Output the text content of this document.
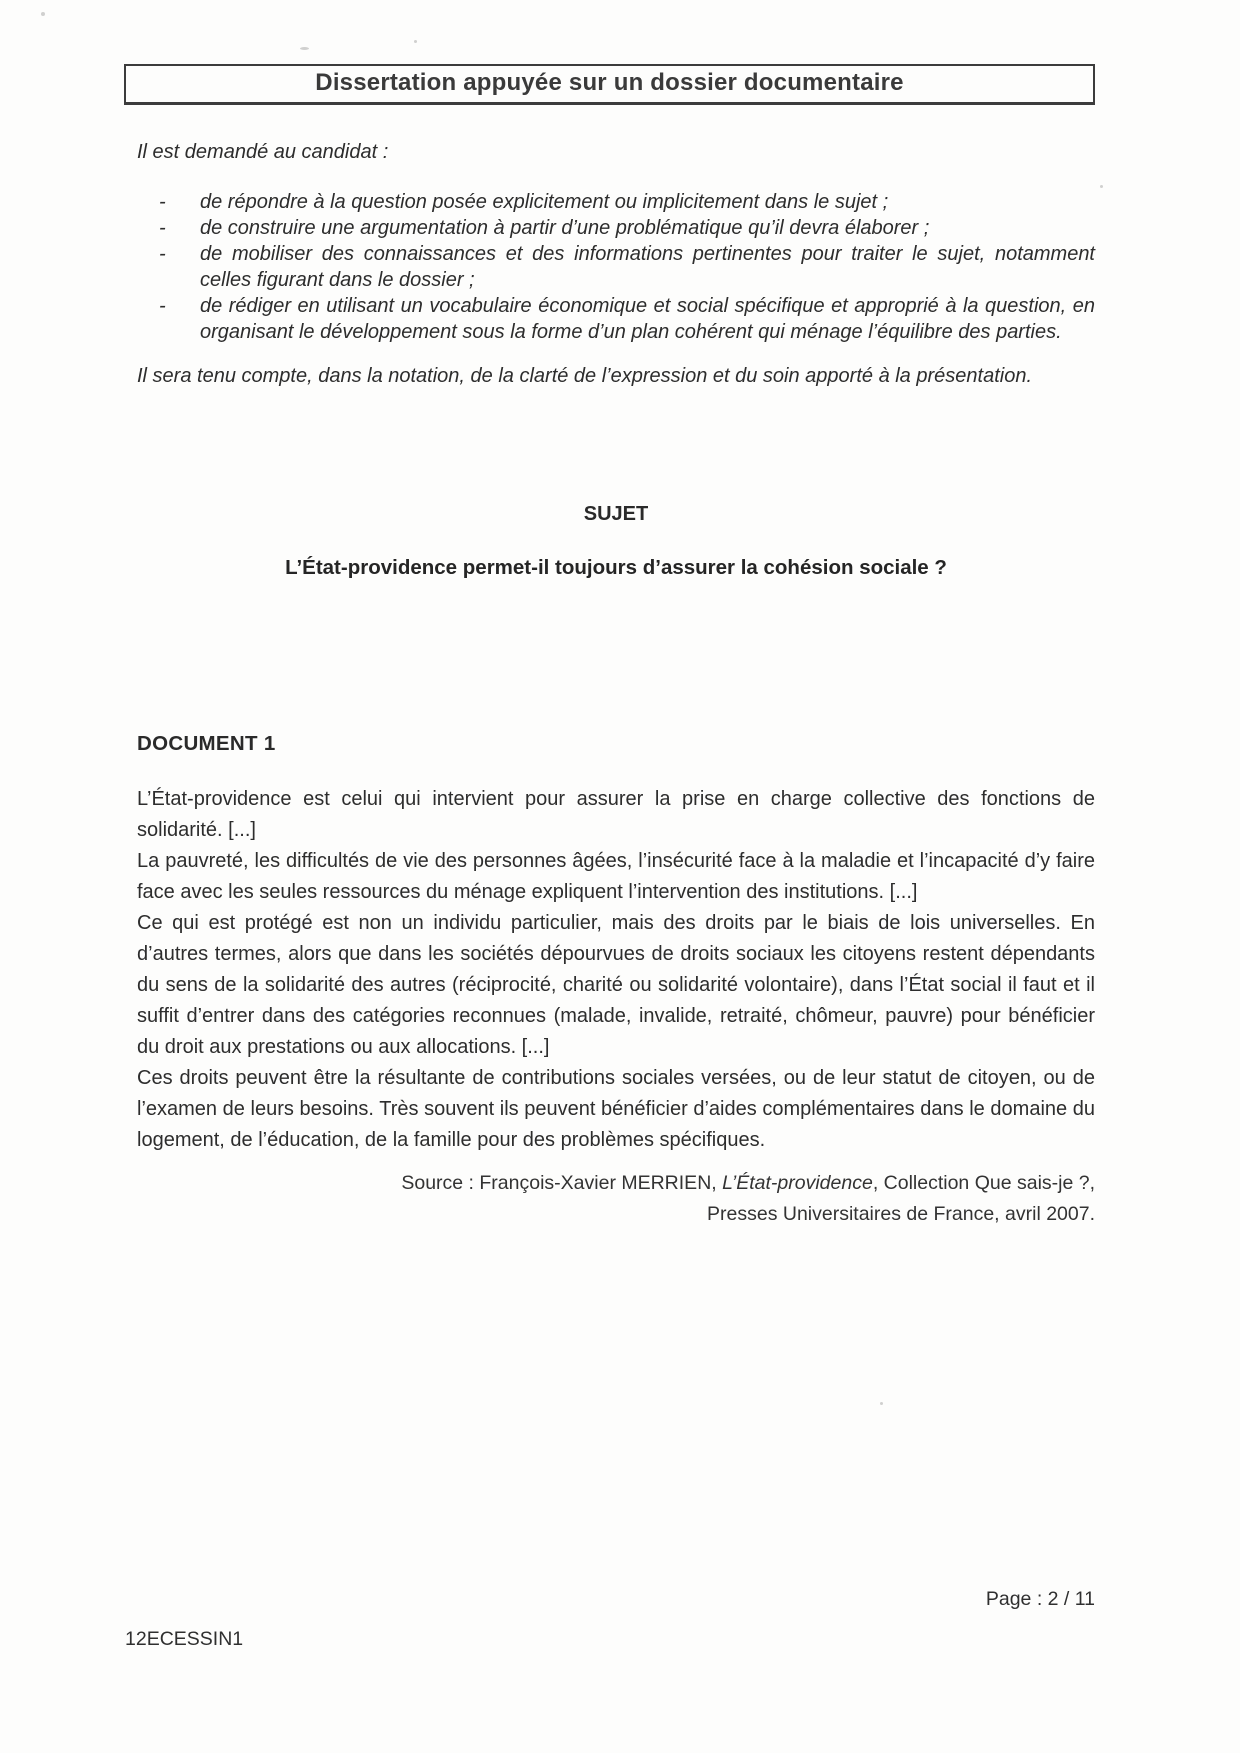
Dissertation appuyée sur un dossier documentaire

Il est demandé au candidat :

- de répondre à la question posée explicitement ou implicitement dans le sujet ;
- de construire une argumentation à partir d’une problématique qu’il devra élaborer ;
- de mobiliser des connaissances et des informations pertinentes pour traiter le sujet, notamment celles figurant dans le dossier ;
- de rédiger en utilisant un vocabulaire économique et social spécifique et approprié à la question, en organisant le développement sous la forme d’un plan cohérent qui ménage l’équilibre des parties.

Il sera tenu compte, dans la notation, de la clarté de l’expression et du soin apporté à la présentation.

SUJET

L’État-providence permet-il toujours d’assurer la cohésion sociale ?

DOCUMENT 1

L’État-providence est celui qui intervient pour assurer la prise en charge collective des fonctions de solidarité. [...]

La pauvreté, les difficultés de vie des personnes âgées, l’insécurité face à la maladie et l’incapacité d’y faire face avec les seules ressources du ménage expliquent l’intervention des institutions. [...]

Ce qui est protégé est non un individu particulier, mais des droits par le biais de lois universelles. En d’autres termes, alors que dans les sociétés dépourvues de droits sociaux les citoyens restent dépendants du sens de la solidarité des autres (réciprocité, charité ou solidarité volontaire), dans l’État social il faut et il suffit d’entrer dans des catégories reconnues (malade, invalide, retraité, chômeur, pauvre) pour bénéficier du droit aux prestations ou aux allocations. [...]

Ces droits peuvent être la résultante de contributions sociales versées, ou de leur statut de citoyen, ou de l’examen de leurs besoins. Très souvent ils peuvent bénéficier d’aides complémentaires dans le domaine du logement, de l’éducation, de la famille pour des problèmes spécifiques.

Source : François-Xavier MERRIEN, L’État-providence, Collection Que sais-je ?,
Presses Universitaires de France, avril 2007.

Page : 2 / 11
12ECESSIN1
